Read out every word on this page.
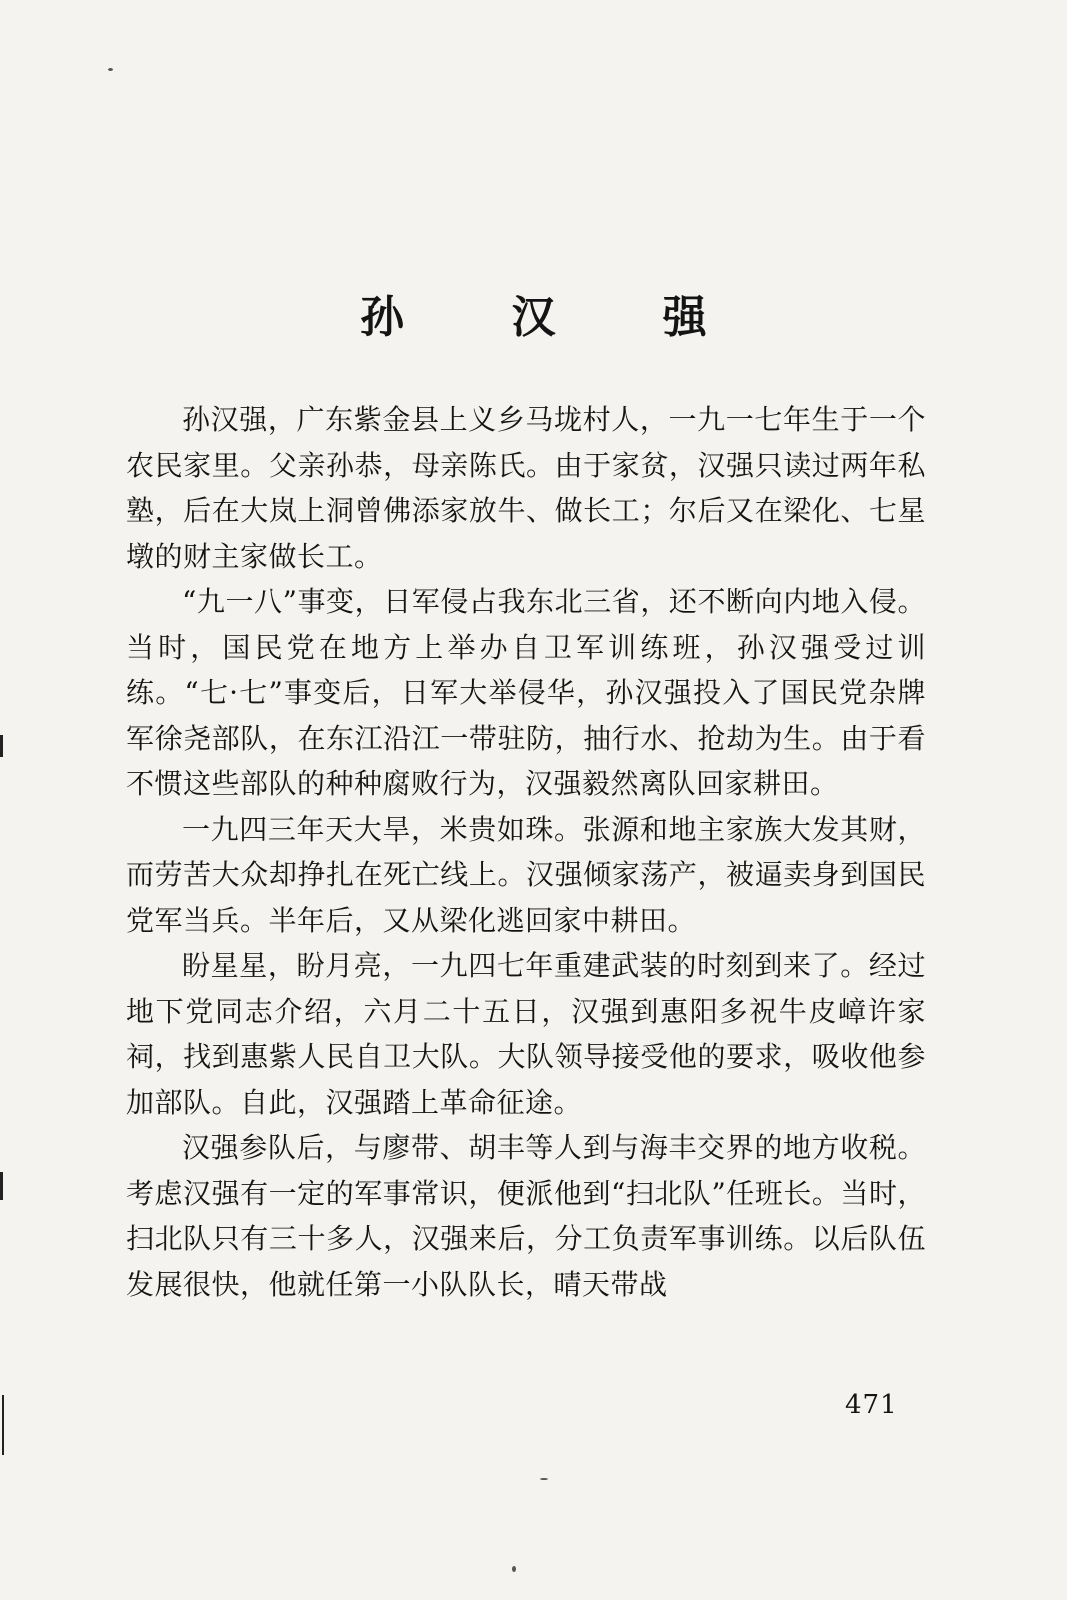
孙 汉 强

孙汉强，广东紫金县上义乡马垅村人，一九一七年生于一个农民家里。父亲孙恭，母亲陈氏。由于家贫，汉强只读过两年私塾，后在大岚上洞曾佛添家放牛、做长工；尔后又在梁化、七星墩的财主家做长工。

“九一八”事变，日军侵占我东北三省，还不断向内地入侵。当时，国民党在地方上举办自卫军训练班，孙汉强受过训练。“七·七”事变后，日军大举侵华，孙汉强投入了国民党杂牌军徐尧部队，在东江沿江一带驻防，抽行水、抢劫为生。由于看不惯这些部队的种种腐败行为，汉强毅然离队回家耕田。

一九四三年天大旱，米贵如珠。张源和地主家族大发其财，而劳苦大众却挣扎在死亡线上。汉强倾家荡产，被逼卖身到国民党军当兵。半年后，又从梁化逃回家中耕田。

盼星星，盼月亮，一九四七年重建武装的时刻到来了。经过地下党同志介绍，六月二十五日，汉强到惠阳多祝牛皮嶂许家祠，找到惠紫人民自卫大队。大队领导接受他的要求，吸收他参加部队。自此，汉强踏上革命征途。

汉强参队后，与廖带、胡丰等人到与海丰交界的地方收税。考虑汉强有一定的军事常识，便派他到“扫北队”任班长。当时，扫北队只有三十多人，汉强来后，分工负责军事训练。以后队伍发展很快，他就任第一小队队长，晴天带战

471
